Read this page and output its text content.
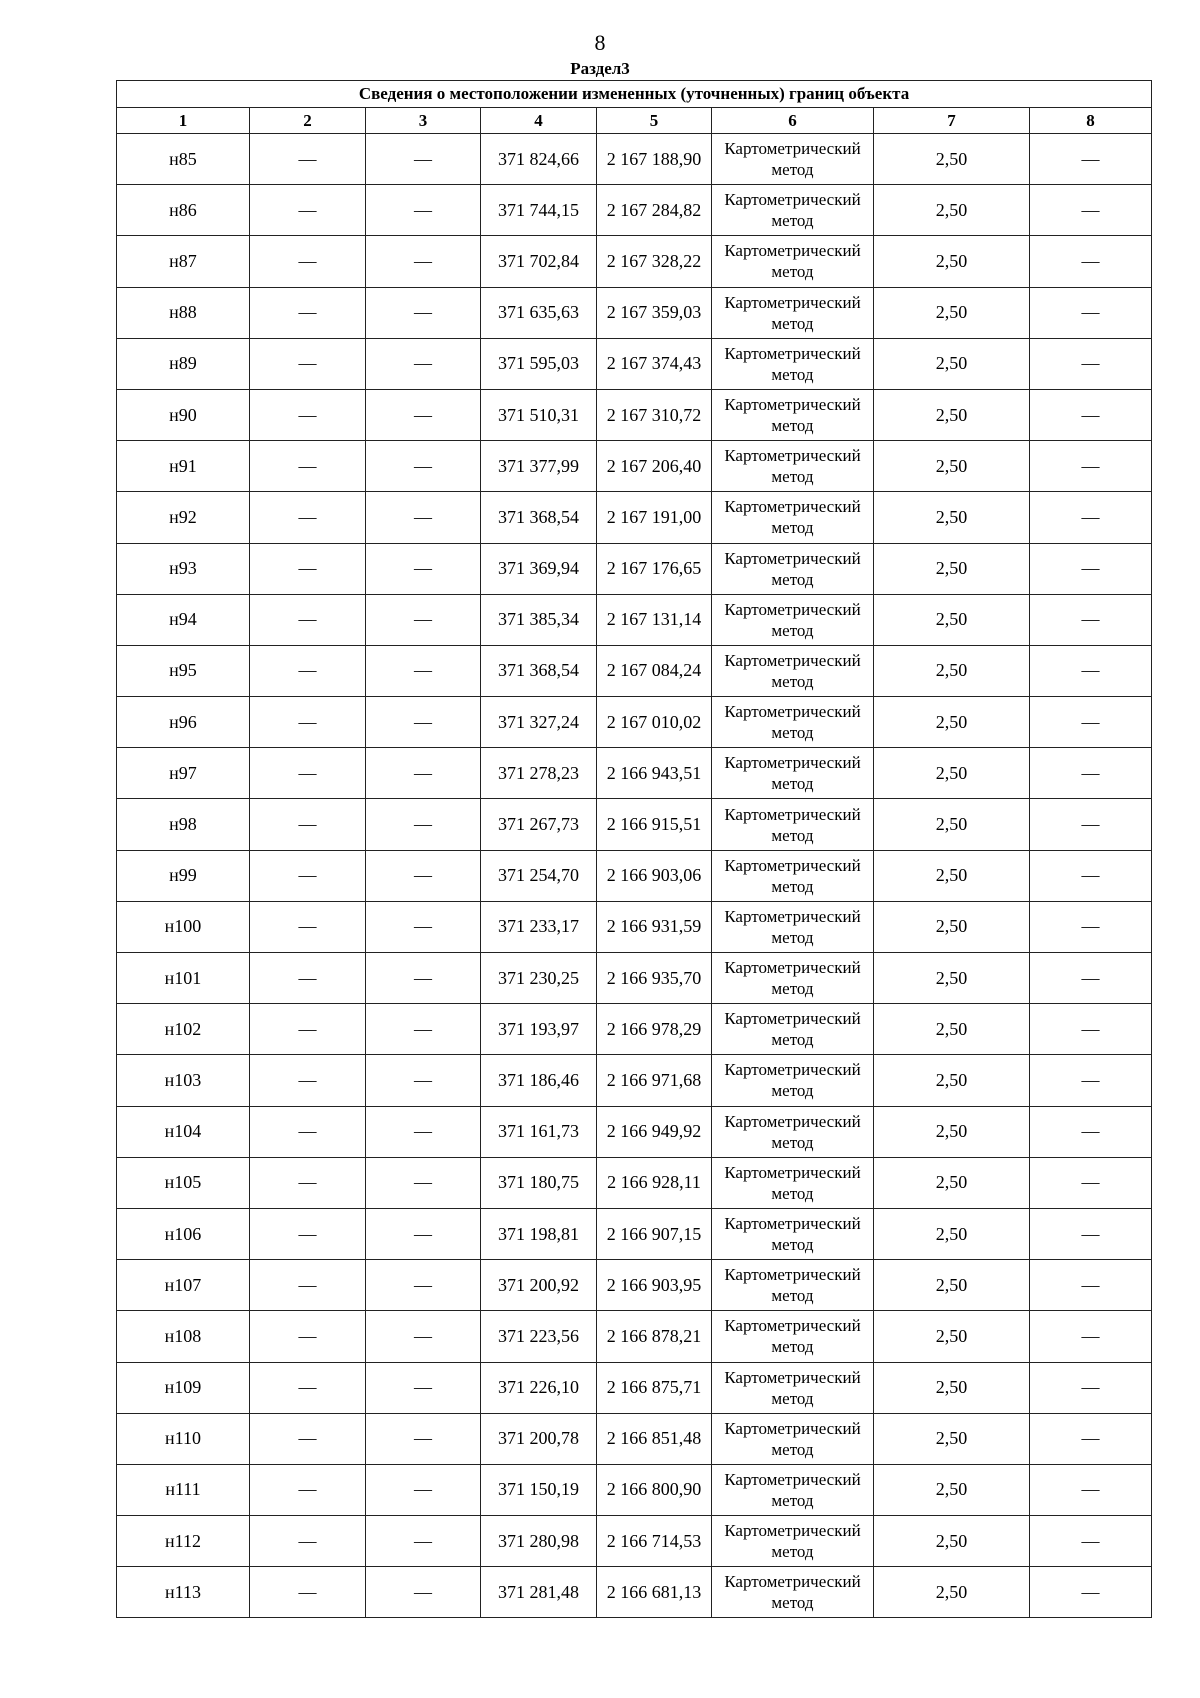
8
Раздел3
Сведения о местоположении измененных (уточненных) границ объекта							
1	2	3	4	5	6	7	8
н85	—	—	371 824,66	2 167 188,90	Картометрический метод	2,50	—
н86	—	—	371 744,15	2 167 284,82	Картометрический метод	2,50	—
н87	—	—	371 702,84	2 167 328,22	Картометрический метод	2,50	—
н88	—	—	371 635,63	2 167 359,03	Картометрический метод	2,50	—
н89	—	—	371 595,03	2 167 374,43	Картометрический метод	2,50	—
н90	—	—	371 510,31	2 167 310,72	Картометрический метод	2,50	—
н91	—	—	371 377,99	2 167 206,40	Картометрический метод	2,50	—
н92	—	—	371 368,54	2 167 191,00	Картометрический метод	2,50	—
н93	—	—	371 369,94	2 167 176,65	Картометрический метод	2,50	—
н94	—	—	371 385,34	2 167 131,14	Картометрический метод	2,50	—
н95	—	—	371 368,54	2 167 084,24	Картометрический метод	2,50	—
н96	—	—	371 327,24	2 167 010,02	Картометрический метод	2,50	—
н97	—	—	371 278,23	2 166 943,51	Картометрический метод	2,50	—
н98	—	—	371 267,73	2 166 915,51	Картометрический метод	2,50	—
н99	—	—	371 254,70	2 166 903,06	Картометрический метод	2,50	—
н100	—	—	371 233,17	2 166 931,59	Картометрический метод	2,50	—
н101	—	—	371 230,25	2 166 935,70	Картометрический метод	2,50	—
н102	—	—	371 193,97	2 166 978,29	Картометрический метод	2,50	—
н103	—	—	371 186,46	2 166 971,68	Картометрический метод	2,50	—
н104	—	—	371 161,73	2 166 949,92	Картометрический метод	2,50	—
н105	—	—	371 180,75	2 166 928,11	Картометрический метод	2,50	—
н106	—	—	371 198,81	2 166 907,15	Картометрический метод	2,50	—
н107	—	—	371 200,92	2 166 903,95	Картометрический метод	2,50	—
н108	—	—	371 223,56	2 166 878,21	Картометрический метод	2,50	—
н109	—	—	371 226,10	2 166 875,71	Картометрический метод	2,50	—
н110	—	—	371 200,78	2 166 851,48	Картометрический метод	2,50	—
н111	—	—	371 150,19	2 166 800,90	Картометрический метод	2,50	—
н112	—	—	371 280,98	2 166 714,53	Картометрический метод	2,50	—
н113	—	—	371 281,48	2 166 681,13	Картометрический метод	2,50	—
